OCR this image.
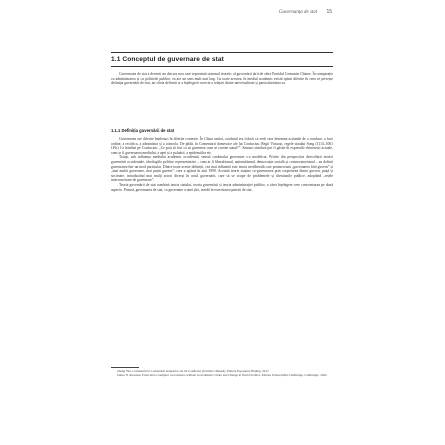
Guvernanța de stat 15
1.1 Conceptul de guvernare de stat

Guvernarea de stat a devenit un discurs nou care reprezintă sistemul teoretic al guvernării țării de către Partidul Comunist Chinez. În comparație cu administrarea și cu politicile publice, ea are un sens mult mai larg. Cu toate acestea, în mediul academic există opinii diferite în ceea ce privește definiția guvernării de stat, iar cheia definirii și a înțelegerii corecte a relației dintre universalitate și particularitatea sa.

1.1.1 Definiția guvernării de stat

Guvernarea are diferite înțelesuri în diferite contexte. În China antică, cuvântul era folosit ca verb care desemna acțiunile de a conduce, a face ordine, a rectifica, a administra și a controla. De pildă, în Comentarii domestice ale lui Confucius: Regii Virtuoși, regele statului Song (1114–1061 î.Hr.) l-a întrebat pe Confucius: „Ce poți să faci ca să guvernez cum se cuvine statul?”. Sensuri similare pot fi găsite în expresiile chinezești actuale, cum ar fi guvernarea mediului, a apei și a poluării, a epidemiilor etc.

Totuși, sub influența mediului academic occidental, sensul cuvântului guvernare s-a modificat. Privite din perspectiva dezvoltării teoriei guvernării occidentale, ideologiile politice reprezentative – cum ar fi liberalismul, naționalismul, democrația socială și conservatorismul – au definit guvernarea într-un mod particular. Dintre toate aceste definiții, cea mai influentă este teoria neoliberală care promovează „guvernarea fără guvern” și „mai multă guvernare, mai puțin guvern”, care a apărut în anii 1990. Această teorie susține co-guvernarea prin cooperarea dintre guvern, piață și societate, introducând mai mulți actori diverși în actul guvernării, care să se ocupe de problemele și chestiunile publice, adoptând „rețele interconectate de guvernare”.

Teoria guvernării de stat combină teoria statului, teoria guvernării și teoria administrației publice, a cărei înțelegere cere concentrarea pe două aspecte. Primul, guvernarea de stat, ca guvernare a unei țări, rezidă în exercitarea puterii de stat.

Zhang Yan, Comentarii la Comentarii domestice ale lui Confucius (în limba chineză), Editura Poporului, Beijing, 2017.

James N. Rosenau, Ernst-Otto Czempiel, Governance without Government: Order and Change in World Politics, Editura Universității Cambridge, Cambridge, 1992.
